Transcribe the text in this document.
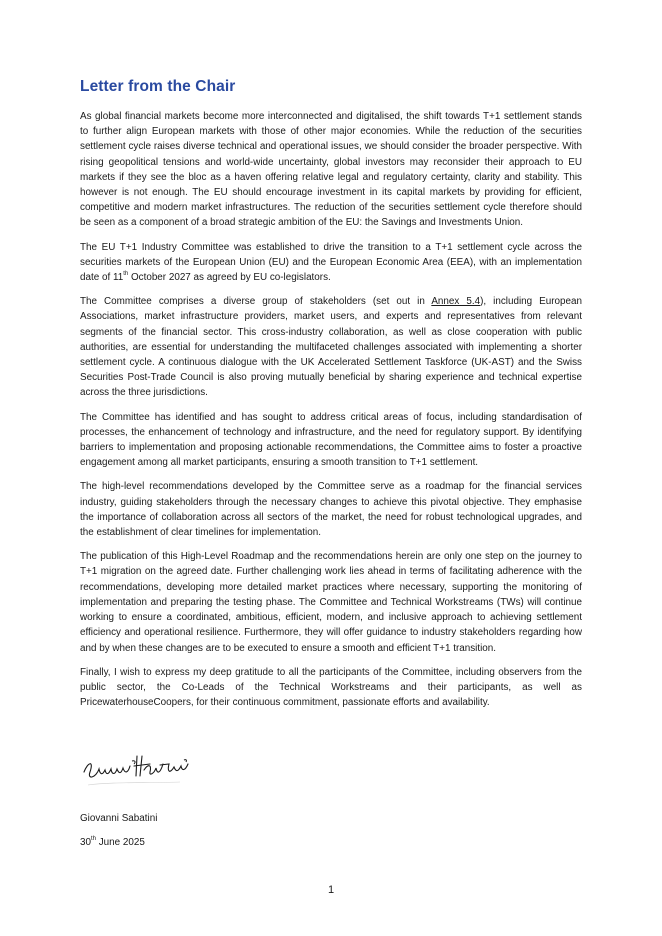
Letter from the Chair

As global financial markets become more interconnected and digitalised, the shift towards T+1 settlement stands to further align European markets with those of other major economies. While the reduction of the securities settlement cycle raises diverse technical and operational issues, we should consider the broader perspective. With rising geopolitical tensions and world-wide uncertainty, global investors may reconsider their approach to EU markets if they see the bloc as a haven offering relative legal and regulatory certainty, clarity and stability. This however is not enough. The EU should encourage investment in its capital markets by providing for efficient, competitive and modern market infrastructures. The reduction of the securities settlement cycle therefore should be seen as a component of a broad strategic ambition of the EU: the Savings and Investments Union.

The EU T+1 Industry Committee was established to drive the transition to a T+1 settlement cycle across the securities markets of the European Union (EU) and the European Economic Area (EEA), with an implementation date of 11th October 2027 as agreed by EU co-legislators.

The Committee comprises a diverse group of stakeholders (set out in Annex 5.4), including European Associations, market infrastructure providers, market users, and experts and representatives from relevant segments of the financial sector. This cross-industry collaboration, as well as close cooperation with public authorities, are essential for understanding the multifaceted challenges associated with implementing a shorter settlement cycle. A continuous dialogue with the UK Accelerated Settlement Taskforce (UK-AST) and the Swiss Securities Post-Trade Council is also proving mutually beneficial by sharing experience and technical expertise across the three jurisdictions.

The Committee has identified and has sought to address critical areas of focus, including standardisation of processes, the enhancement of technology and infrastructure, and the need for regulatory support. By identifying barriers to implementation and proposing actionable recommendations, the Committee aims to foster a proactive engagement among all market participants, ensuring a smooth transition to T+1 settlement.

The high-level recommendations developed by the Committee serve as a roadmap for the financial services industry, guiding stakeholders through the necessary changes to achieve this pivotal objective. They emphasise the importance of collaboration across all sectors of the market, the need for robust technological upgrades, and the establishment of clear timelines for implementation.

The publication of this High-Level Roadmap and the recommendations herein are only one step on the journey to T+1 migration on the agreed date. Further challenging work lies ahead in terms of facilitating adherence with the recommendations, developing more detailed market practices where necessary, supporting the monitoring of implementation and preparing the testing phase. The Committee and Technical Workstreams (TWs) will continue working to ensure a coordinated, ambitious, efficient, modern, and inclusive approach to achieving settlement efficiency and operational resilience. Furthermore, they will offer guidance to industry stakeholders regarding how and by when these changes are to be executed to ensure a smooth and efficient T+1 transition.

Finally, I wish to express my deep gratitude to all the participants of the Committee, including observers from the public sector, the Co-Leads of the Technical Workstreams and their participants, as well as PricewaterhouseCoopers, for their continuous commitment, passionate efforts and availability.

Giovanni Sabatini

30th June 2025

1
